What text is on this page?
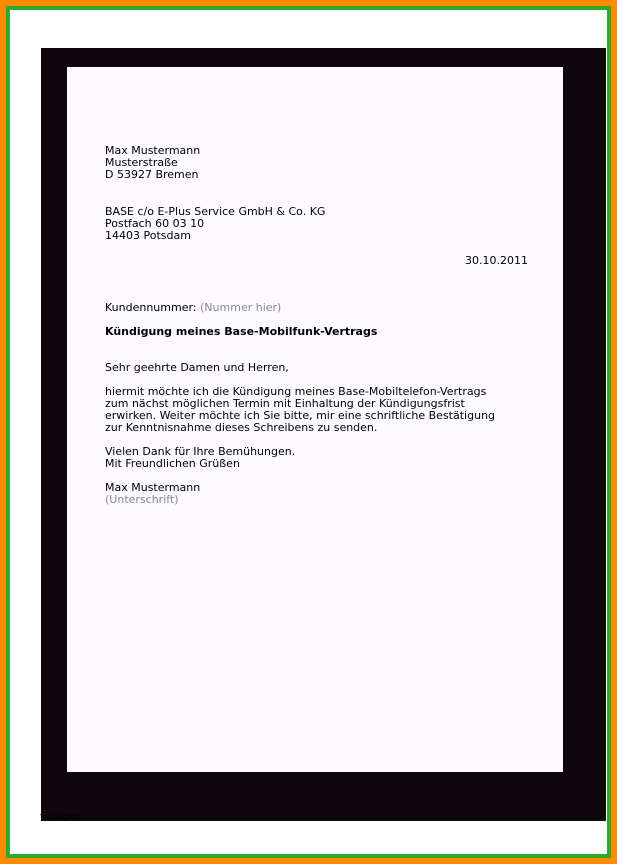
Max Mustermann
Musterstraße
D 53927 Bremen
BASE c/o E-Plus Service GmbH & Co. KG
Postfach 60 03 10
14403 Potsdam
30.10.2011
Kundennummer: (Nummer hier)
Kündigung meines Base-Mobilfunk-Vertrags
Sehr geehrte Damen und Herren,
hiermit möchte ich die Kündigung meines Base-Mobiltelefon-Vertrags
zum nächst möglichen Termin mit Einhaltung der Kündigungsfrist
erwirken. Weiter möchte ich Sie bitte, mir eine schriftliche Bestätigung
zur Kenntnisnahme dieses Schreibens zu senden.
Vielen Dank für Ihre Bemühungen.
Mit Freundlichen Grüßen
Max Mustermann
(Unterschrift)
vorlagen
